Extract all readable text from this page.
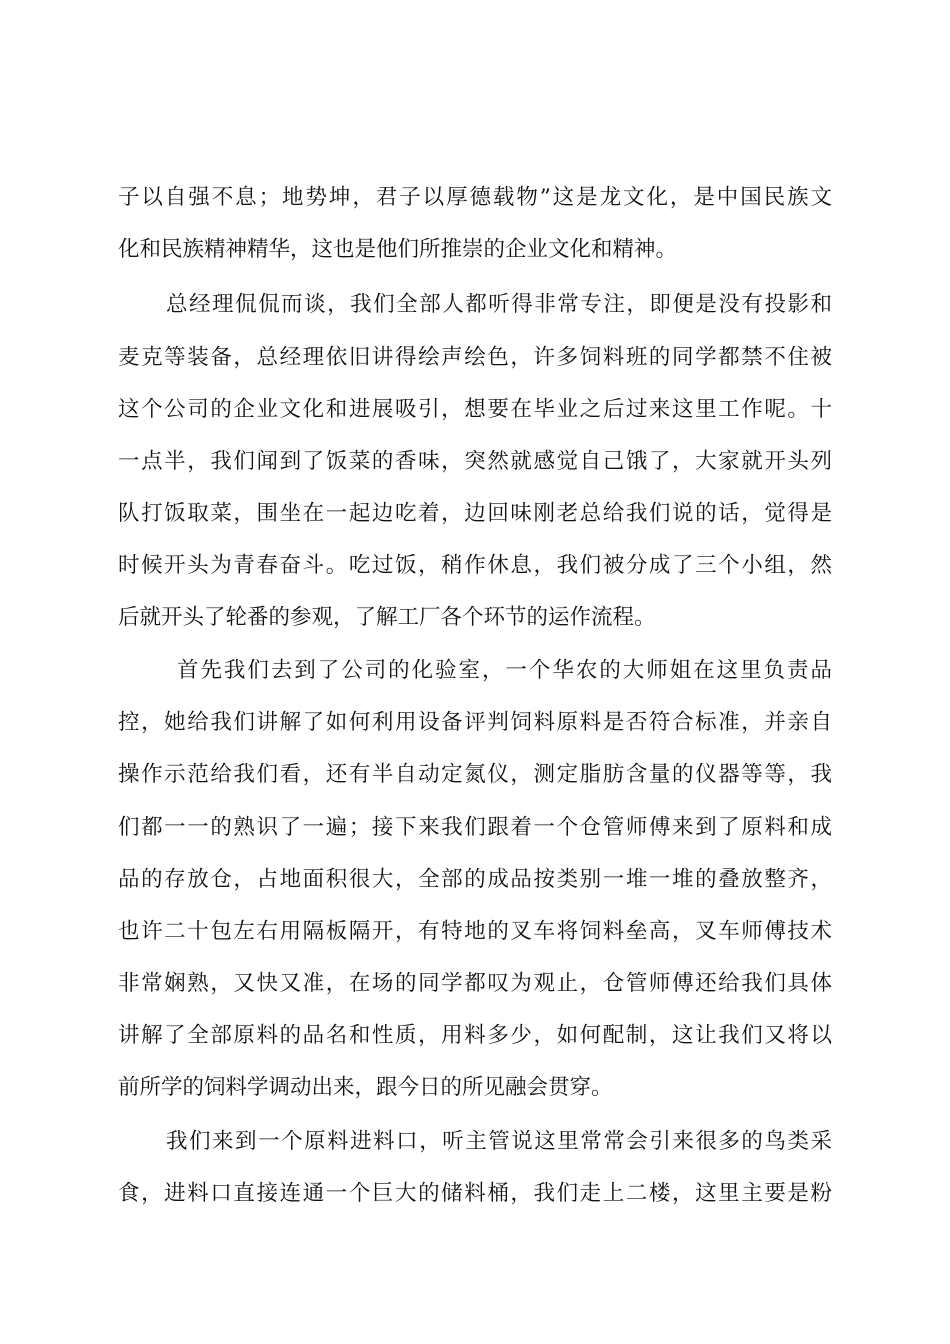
子以自强不息；地势坤，君子以厚德载物”这是龙文化，是中国民族文
化和民族精神精华，这也是他们所推崇的企业文化和精神。
总经理侃侃而谈，我们全部人都听得非常专注，即便是没有投影和
麦克等装备，总经理依旧讲得绘声绘色，许多饲料班的同学都禁不住被
这个公司的企业文化和进展吸引，想要在毕业之后过来这里工作呢。十
一点半，我们闻到了饭菜的香味，突然就感觉自己饿了，大家就开头列
队打饭取菜，围坐在一起边吃着，边回味刚老总给我们说的话，觉得是
时候开头为青春奋斗。吃过饭，稍作休息，我们被分成了三个小组，然
后就开头了轮番的参观，了解工厂各个环节的运作流程。
首先我们去到了公司的化验室，一个华农的大师姐在这里负责品
控，她给我们讲解了如何利用设备评判饲料原料是否符合标准，并亲自
操作示范给我们看，还有半自动定氮仪，测定脂肪含量的仪器等等，我
们都一一的熟识了一遍；接下来我们跟着一个仓管师傅来到了原料和成
品的存放仓，占地面积很大，全部的成品按类别一堆一堆的叠放整齐，
也许二十包左右用隔板隔开，有特地的叉车将饲料垒高，叉车师傅技术
非常娴熟，又快又准，在场的同学都叹为观止，仓管师傅还给我们具体
讲解了全部原料的品名和性质，用料多少，如何配制，这让我们又将以
前所学的饲料学调动出来，跟今日的所见融会贯穿。
我们来到一个原料进料口，听主管说这里常常会引来很多的鸟类采
食，进料口直接连通一个巨大的储料桶，我们走上二楼，这里主要是粉
